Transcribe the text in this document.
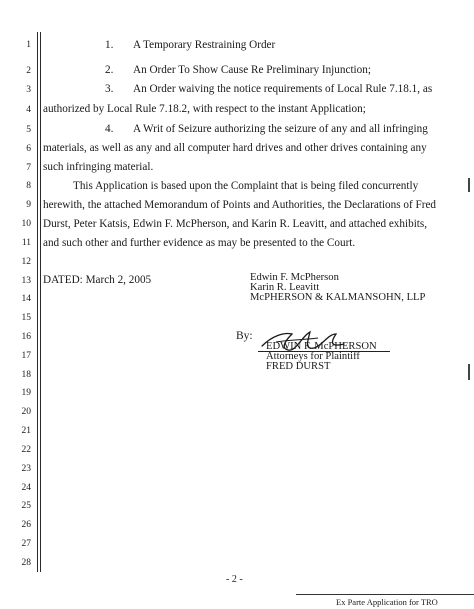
1
2
3
4
5
6
7
8
9
10
11
12
13
14
15
16
17
18
19
20
21
22
23
24
25
26
27
28
1. A Temporary Restraining Order
2. An Order To Show Cause Re Preliminary Injunction;
3. An Order waiving the notice requirements of Local Rule 7.18.1, as
authorized by Local Rule 7.18.2, with respect to the instant Application;
4. A Writ of Seizure authorizing the seizure of any and all infringing
materials, as well as any and all computer hard drives and other drives containing any
such infringing material.
This Application is based upon the Complaint that is being filed concurrently
herewith, the attached Memorandum of Points and Authorities, the Declarations of Fred
Durst, Peter Katsis, Edwin F. McPherson, and Karin R. Leavitt, and attached exhibits,
and such other and further evidence as may be presented to the Court.
DATED: March 2, 2005	Edwin F. McPherson
Karin R. Leavitt
McPHERSON & KALMANSOHN, LLP
By:
EDWIN F. McPHERSON
Attorneys for Plaintiff
FRED DURST
- 2 -
Ex Parte Application for TRO
